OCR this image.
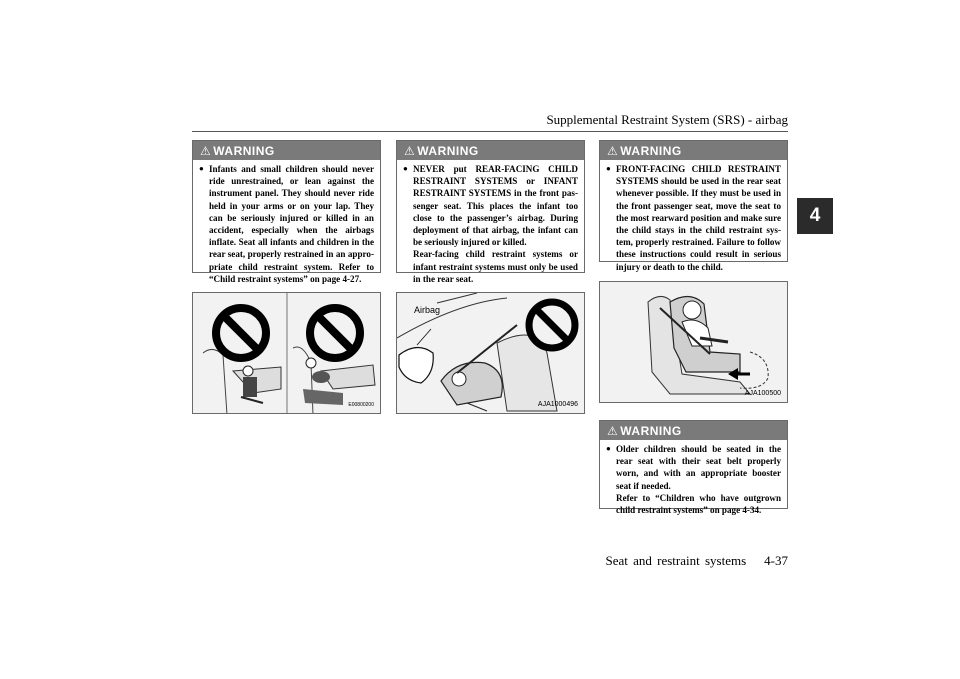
Supplemental Restraint System (SRS) - airbag
4
⚠ WARNING
● Infants and small children should never ride unrestrained, or lean against the instrument panel. They should never ride held in your arms or on your lap. They can be seriously injured or killed in an accident, especially when the airbags inflate. Seat all infants and children in the rear seat, properly restrained in an appro-priate child restraint system. Refer to “Child restraint systems” on page 4-27.
⚠ WARNING
● NEVER put REAR-FACING CHILD RESTRAINT SYSTEMS or INFANT RESTRAINT SYSTEMS in the front pas-senger seat. This places the infant too close to the passenger’s airbag. During deployment of that airbag, the infant can be seriously injured or killed.

Rear-facing child restraint systems or infant restraint systems must only be used in the rear seat.

⚠ WARNING
● FRONT-FACING CHILD RESTRAINT SYSTEMS should be used in the rear seat whenever possible. If they must be used in the front passenger seat, move the seat to the most rearward position and make sure the child stays in the child restraint sys-tem, properly restrained. Failure to follow these instructions could result in serious injury or death to the child.
⚠ WARNING
● Older children should be seated in the rear seat with their seat belt properly worn, and with an appropriate booster seat if needed.

Refer to “Children who have outgrown child restraint systems” on page 4-34.

E00800200
Airbag
AJA1000496
AJA100500
Seat and restraint systems 4-37
